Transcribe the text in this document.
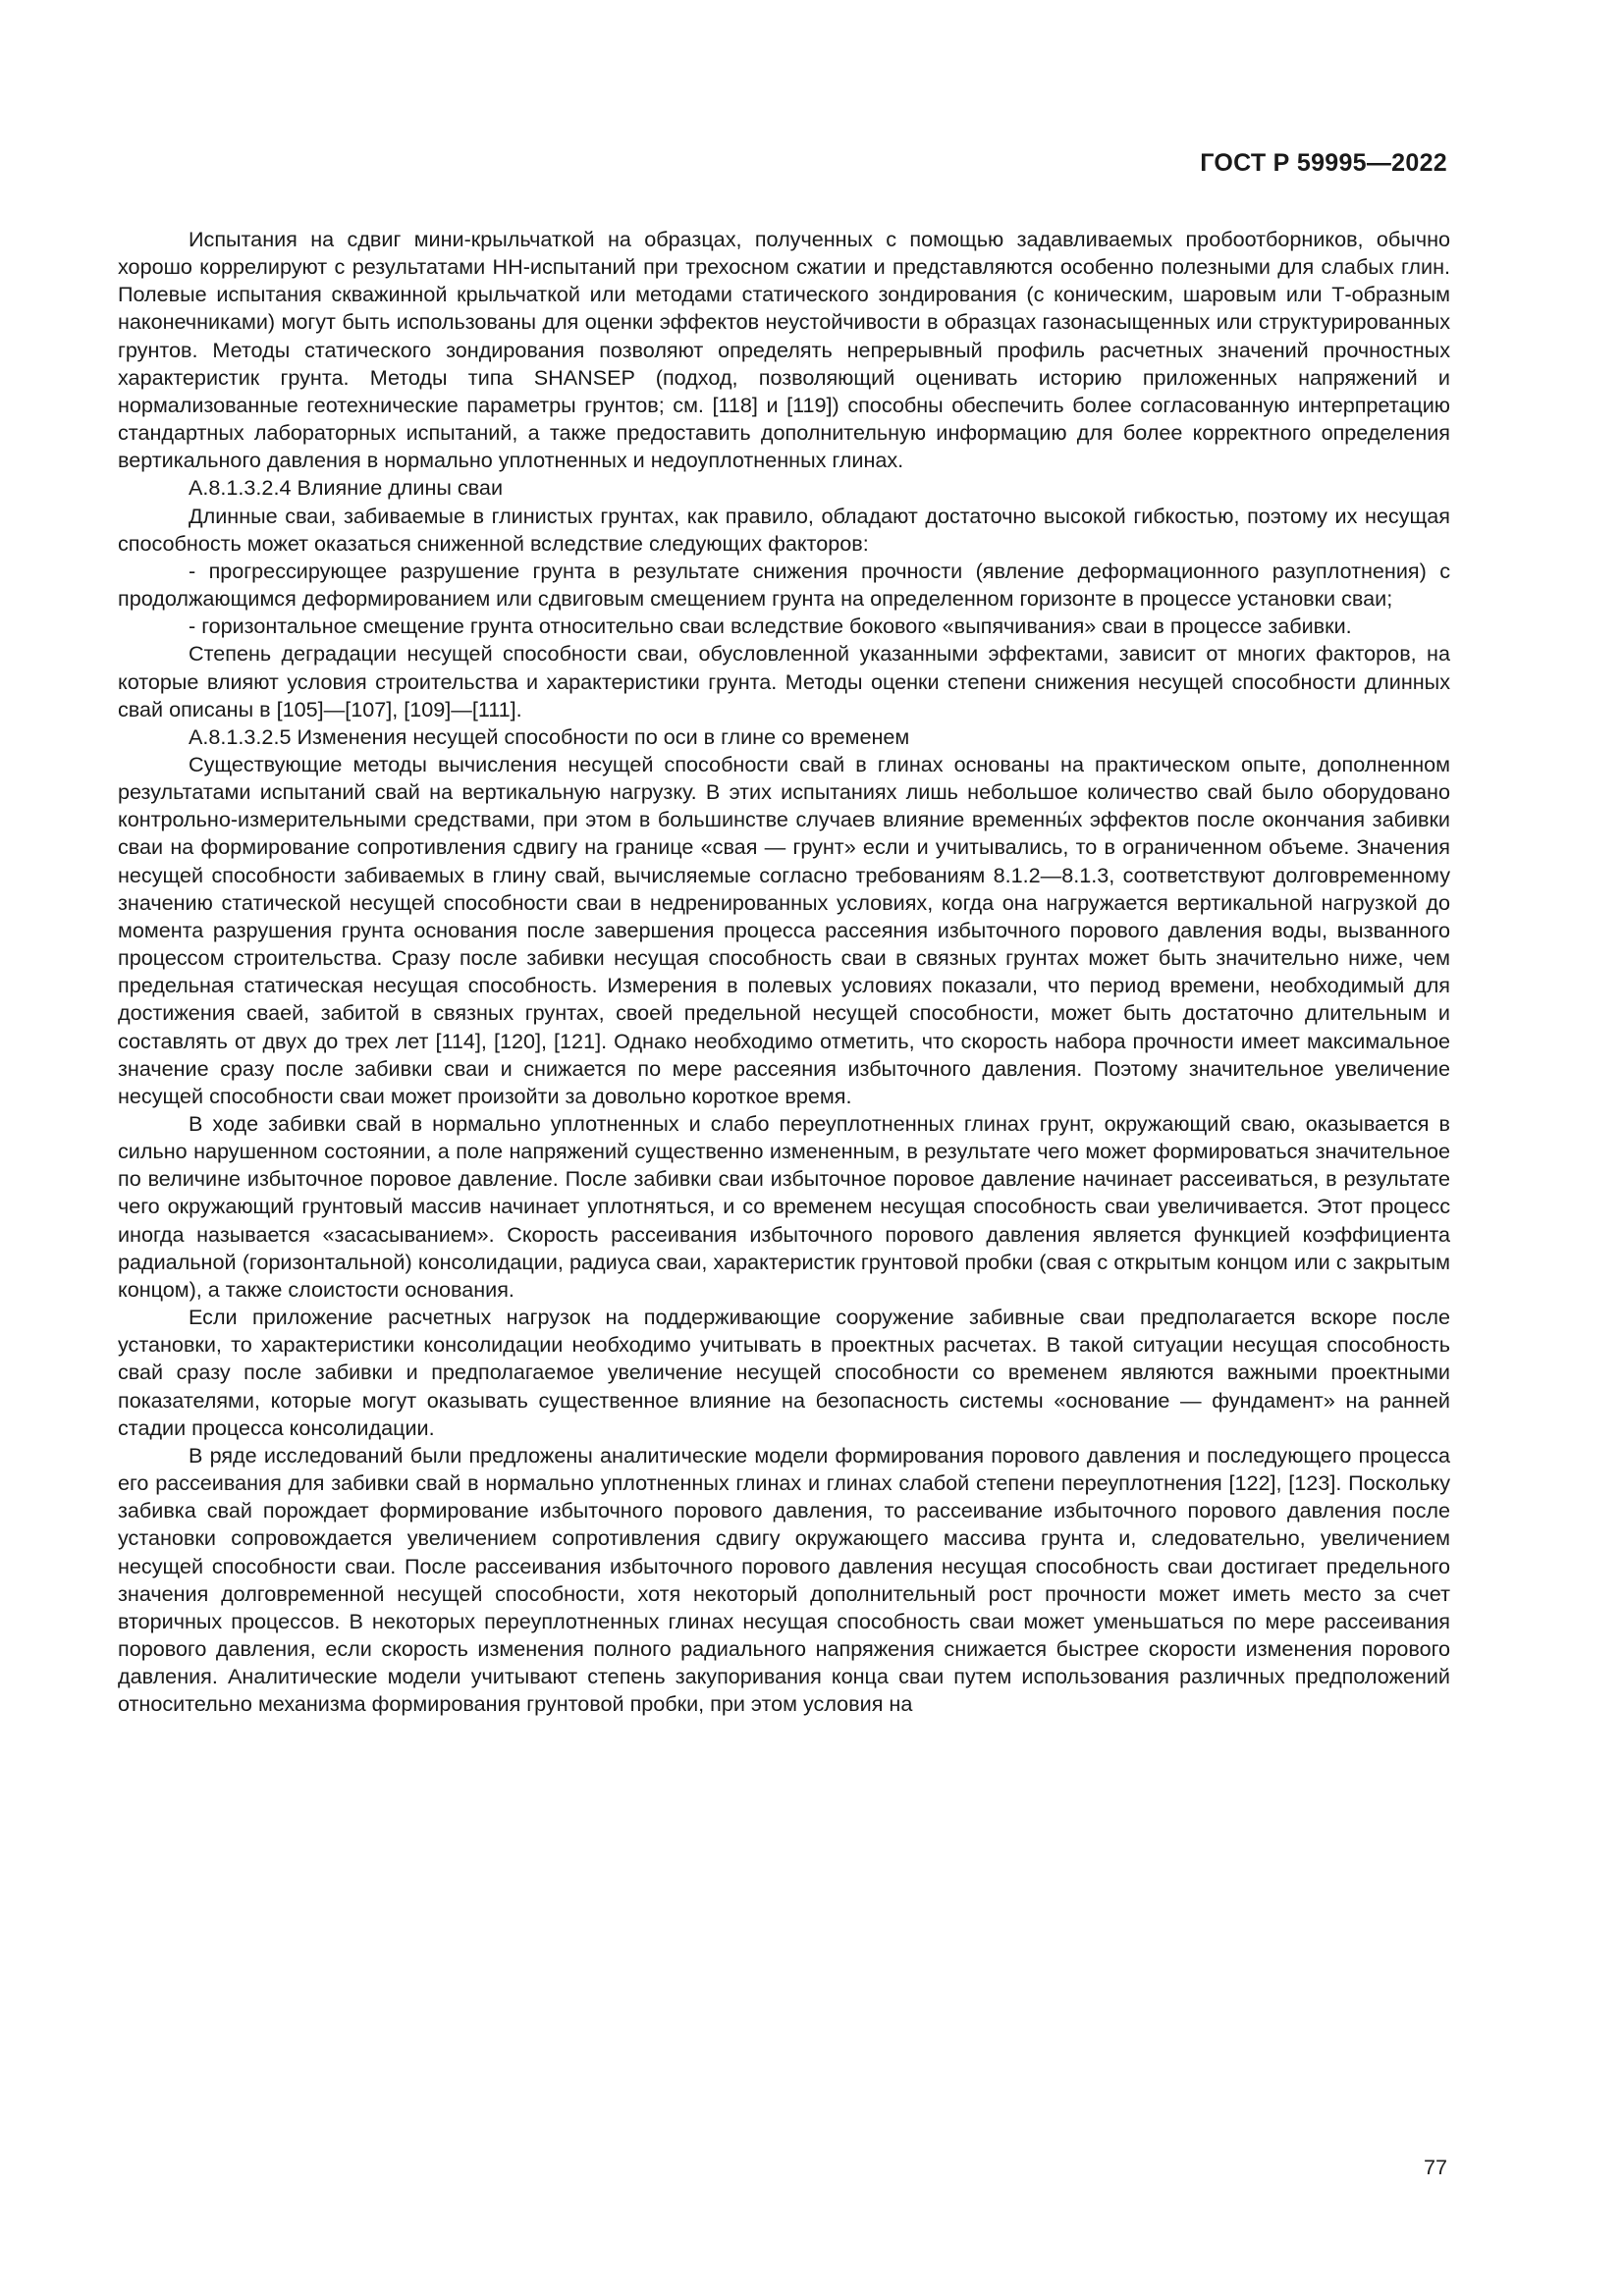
ГОСТ Р 59995—2022

Испытания на сдвиг мини-крыльчаткой на образцах, полученных с помощью задавливаемых пробоотборников, обычно хорошо коррелируют с результатами НН-испытаний при трехосном сжатии и представляются особенно полезными для слабых глин. Полевые испытания скважинной крыльчаткой или методами статического зондирования (с коническим, шаровым или Т-образным наконечниками) могут быть использованы для оценки эффектов неустойчивости в образцах газонасыщенных или структурированных грунтов. Методы статического зондирования позволяют определять непрерывный профиль расчетных значений прочностных характеристик грунта. Методы типа SHANSEP (подход, позволяющий оценивать историю приложенных напряжений и нормализованные геотехнические параметры грунтов; см. [118] и [119]) способны обеспечить более согласованную интерпретацию стандартных лабораторных испытаний, а также предоставить дополнительную информацию для более корректного определения вертикального давления в нормально уплотненных и недоуплотненных глинах.

А.8.1.3.2.4 Влияние длины сваи

Длинные сваи, забиваемые в глинистых грунтах, как правило, обладают достаточно высокой гибкостью, поэтому их несущая способность может оказаться сниженной вследствие следующих факторов:

- прогрессирующее разрушение грунта в результате снижения прочности (явление деформационного разуплотнения) с продолжающимся деформированием или сдвиговым смещением грунта на определенном горизонте в процессе установки сваи;

- горизонтальное смещение грунта относительно сваи вследствие бокового «выпячивания» сваи в процессе забивки.

Степень деградации несущей способности сваи, обусловленной указанными эффектами, зависит от многих факторов, на которые влияют условия строительства и характеристики грунта. Методы оценки степени снижения несущей способности длинных свай описаны в [105]—[107], [109]—[111].

А.8.1.3.2.5 Изменения несущей способности по оси в глине со временем

Существующие методы вычисления несущей способности свай в глинах основаны на практическом опыте, дополненном результатами испытаний свай на вертикальную нагрузку. В этих испытаниях лишь небольшое количество свай было оборудовано контрольно-измерительными средствами, при этом в большинстве случаев влияние временны́х эффектов после окончания забивки сваи на формирование сопротивления сдвигу на границе «свая — грунт» если и учитывались, то в ограниченном объеме. Значения несущей способности забиваемых в глину свай, вычисляемые согласно требованиям 8.1.2—8.1.3, соответствуют долговременному значению статической несущей способности сваи в недренированных условиях, когда она нагружается вертикальной нагрузкой до момента разрушения грунта основания после завершения процесса рассеяния избыточного порового давления воды, вызванного процессом строительства. Сразу после забивки несущая способность сваи в связных грунтах может быть значительно ниже, чем предельная статическая несущая способность. Измерения в полевых условиях показали, что период времени, необходимый для достижения сваей, забитой в связных грунтах, своей предельной несущей способности, может быть достаточно длительным и составлять от двух до трех лет [114], [120], [121]. Однако необходимо отметить, что скорость набора прочности имеет максимальное значение сразу после забивки сваи и снижается по мере рассеяния избыточного давления. Поэтому значительное увеличение несущей способности сваи может произойти за довольно короткое время.

В ходе забивки свай в нормально уплотненных и слабо переуплотненных глинах грунт, окружающий сваю, оказывается в сильно нарушенном состоянии, а поле напряжений существенно измененным, в результате чего может формироваться значительное по величине избыточное поровое давление. После забивки сваи избыточное поровое давление начинает рассеиваться, в результате чего окружающий грунтовый массив начинает уплотняться, и со временем несущая способность сваи увеличивается. Этот процесс иногда называется «засасыванием». Скорость рассеивания избыточного порового давления является функцией коэффициента радиальной (горизонтальной) консолидации, радиуса сваи, характеристик грунтовой пробки (свая с открытым концом или с закрытым концом), а также слоистости основания.

Если приложение расчетных нагрузок на поддерживающие сооружение забивные сваи предполагается вскоре после установки, то характеристики консолидации необходимо учитывать в проектных расчетах. В такой ситуации несущая способность свай сразу после забивки и предполагаемое увеличение несущей способности со временем являются важными проектными показателями, которые могут оказывать существенное влияние на безопасность системы «основание — фундамент» на ранней стадии процесса консолидации.

В ряде исследований были предложены аналитические модели формирования порового давления и последующего процесса его рассеивания для забивки свай в нормально уплотненных глинах и глинах слабой степени переуплотнения [122], [123]. Поскольку забивка свай порождает формирование избыточного порового давления, то рассеивание избыточного порового давления после установки сопровождается увеличением сопротивления сдвигу окружающего массива грунта и, следовательно, увеличением несущей способности сваи. После рассеивания избыточного порового давления несущая способность сваи достигает предельного значения долговременной несущей способности, хотя некоторый дополнительный рост прочности может иметь место за счет вторичных процессов. В некоторых переуплотненных глинах несущая способность сваи может уменьшаться по мере рассеивания порового давления, если скорость изменения полного радиального напряжения снижается быстрее скорости изменения порового давления. Аналитические модели учитывают степень закупоривания конца сваи путем использования различных предположений относительно механизма формирования грунтовой пробки, при этом условия на

77
